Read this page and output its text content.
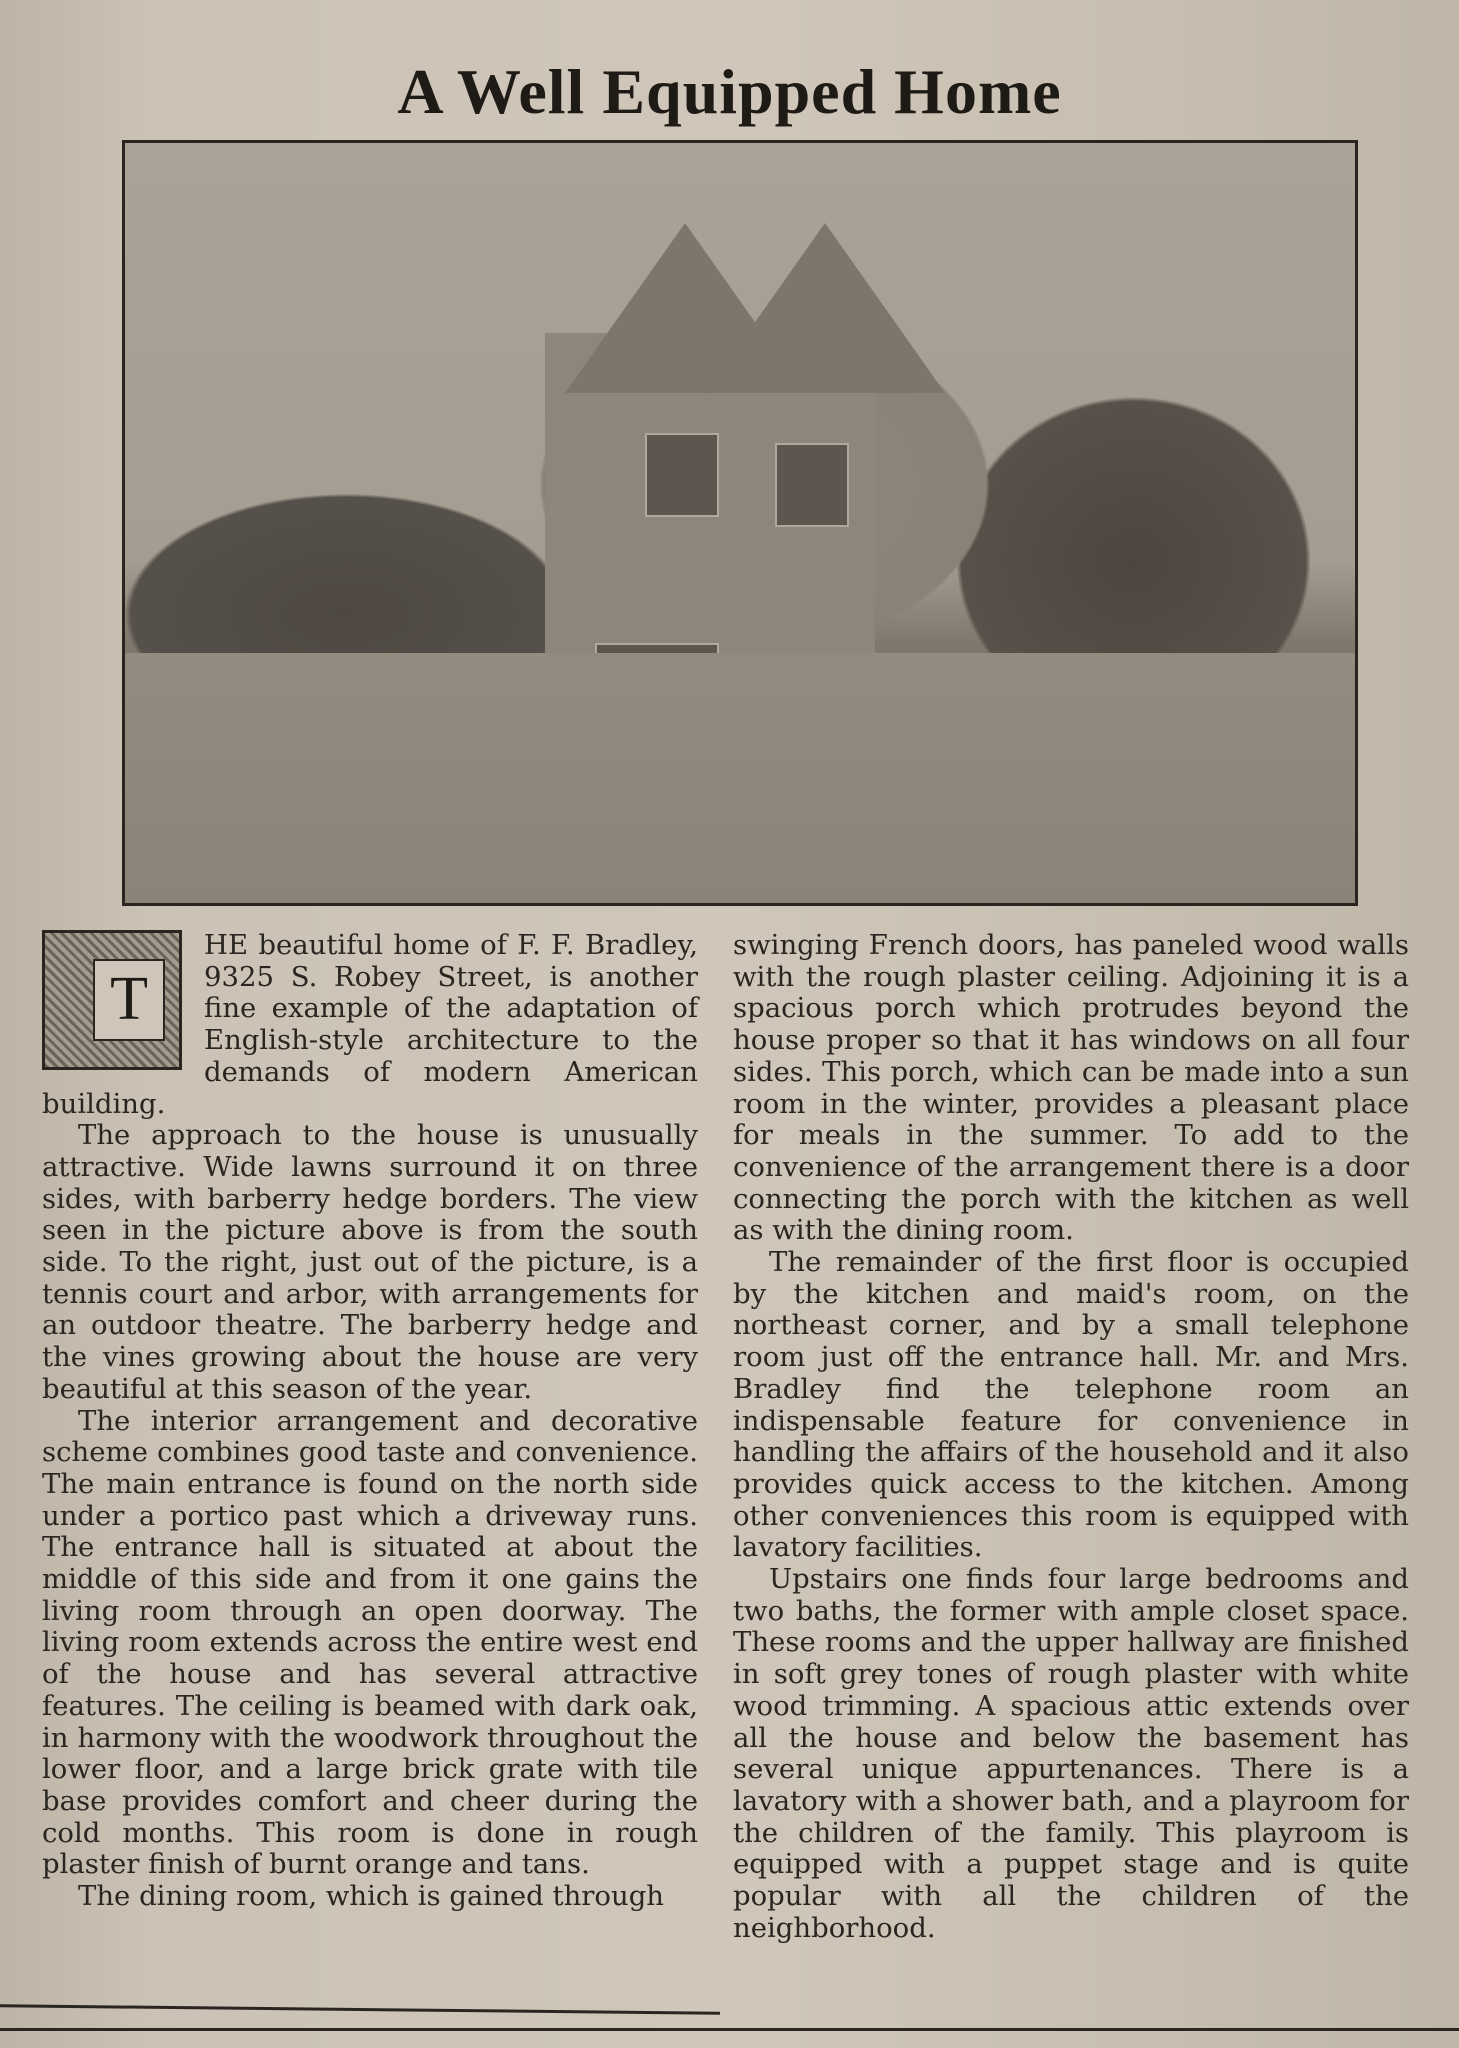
A Well Equipped Home
T

HE beautiful home of F. F. Bradley, 9325 S. Robey Street, is another fine example of the adaptation of English-style architecture to the demands of modern American building.

The approach to the house is unusually attractive. Wide lawns surround it on three sides, with barberry hedge borders. The view seen in the picture above is from the south side. To the right, just out of the picture, is a tennis court and arbor, with arrangements for an outdoor theatre. The barberry hedge and the vines growing about the house are very beautiful at this season of the year.

The interior arrangement and decorative scheme combines good taste and convenience. The main entrance is found on the north side under a portico past which a driveway runs. The entrance hall is situated at about the middle of this side and from it one gains the living room through an open doorway. The living room extends across the entire west end of the house and has several attractive features. The ceiling is beamed with dark oak, in harmony with the woodwork throughout the lower floor, and a large brick grate with tile base provides comfort and cheer during the cold months. This room is done in rough plaster finish of burnt orange and tans.

The dining room, which is gained through

swinging French doors, has paneled wood walls with the rough plaster ceiling. Adjoining it is a spacious porch which protrudes beyond the house proper so that it has windows on all four sides. This porch, which can be made into a sun room in the winter, provides a pleasant place for meals in the summer. To add to the convenience of the arrangement there is a door connecting the porch with the kitchen as well as with the dining room.

The remainder of the first floor is occupied by the kitchen and maid's room, on the northeast corner, and by a small telephone room just off the entrance hall. Mr. and Mrs. Bradley find the telephone room an indispensable feature for convenience in handling the affairs of the household and it also provides quick access to the kitchen. Among other conveniences this room is equipped with lavatory facilities.

Upstairs one finds four large bedrooms and two baths, the former with ample closet space. These rooms and the upper hallway are finished in soft grey tones of rough plaster with white wood trimming. A spacious attic extends over all the house and below the basement has several unique appurtenances. There is a lavatory with a shower bath, and a playroom for the children of the family. This playroom is equipped with a puppet stage and is quite popular with all the children of the neighborhood.
